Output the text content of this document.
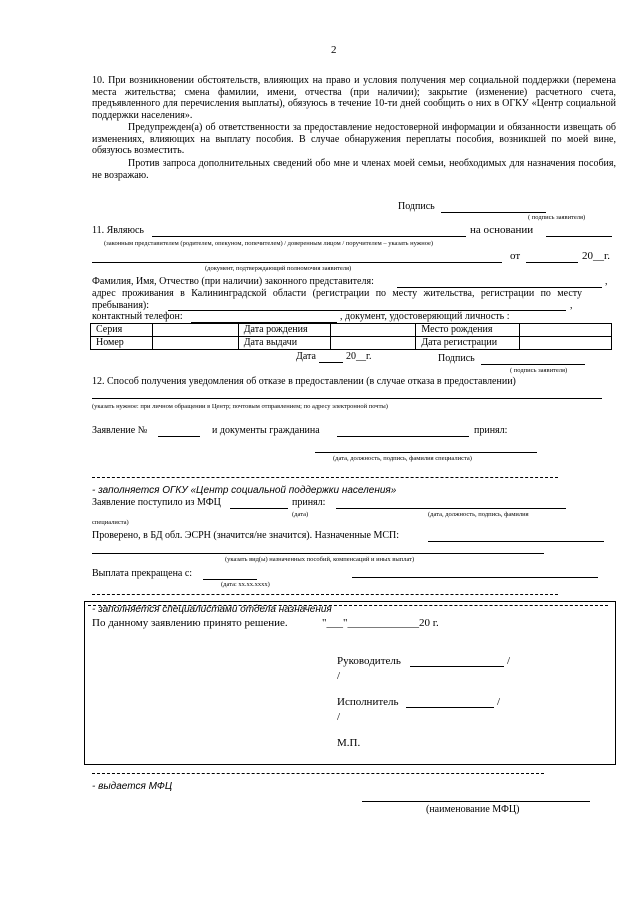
2
10. При возникновении обстоятельств, влияющих на право и условия получения мер социальной поддержки (перемена места жительства; смена фамилии, имени, отчества (при наличии); закрытие (изменение) расчетного счета, предъявленного для перечисления выплаты), обязуюсь в течение 10-ти дней сообщить о них в ОГКУ «Центр социальной поддержки населения».
Предупрежден(а) об ответственности за предоставление недостоверной информации и обязанности извещать об изменениях, влияющих на выплату пособия. В случае обнаружения переплаты пособия, возникшей по моей вине, обязуюсь возместить.
Против запроса дополнительных сведений обо мне и членах моей семьи, необходимых для назначения пособия, не возражаю.
Подпись
( подпись заявителя)
11. Являюсь	на основании
(законным представителем (родителем, опекуном, попечителем) / доверенным лицом / поручителем – указать нужное)
от	20__г.
(документ, подтверждающий полномочия заявителя)
Фамилия, Имя, Отчество (при наличии) законного представителя:	,
адрес проживания в Калининградской области (регистрации по месту жительства, регистрации по месту пребывания):	,
контактный телефон:	, документ, удостоверяющий личность :
Серия		Дата рождения		Место рождения	
Номер		Дата выдачи		Дата регистрации	
Дата	20__г.	Подпись
( подпись заявителя)
12. Способ получения уведомления об отказе в предоставлении (в случае отказа в предоставлении)
(указать нужное: при личном обращении в Центр; почтовым отправлением; по адресу электронной почты)
Заявление №	и документы гражданина	принял:
(дата, должность, подпись, фамилия специалиста)
- заполняется ОГКУ «Центр социальной поддержки населения»
Заявление поступило из МФЦ	принял:
(дата)	(дата, должность, подпись, фамилия
специалиста)
Проверено, в БД обл. ЭСРН (значится/не значится). Назначенные МСП:
(указать вид(ы) назначенных пособий, компенсаций и иных выплат)
Выплата прекращена с:
(дата: хх.хх.хххх)
- заполняется специалистами отдела назначения
По данному заявлению принято решение.	"___"_____________20 г.
Руководитель	/
/
Исполнитель	/
/
М.П.
- выдается МФЦ
(наименование МФЦ)
